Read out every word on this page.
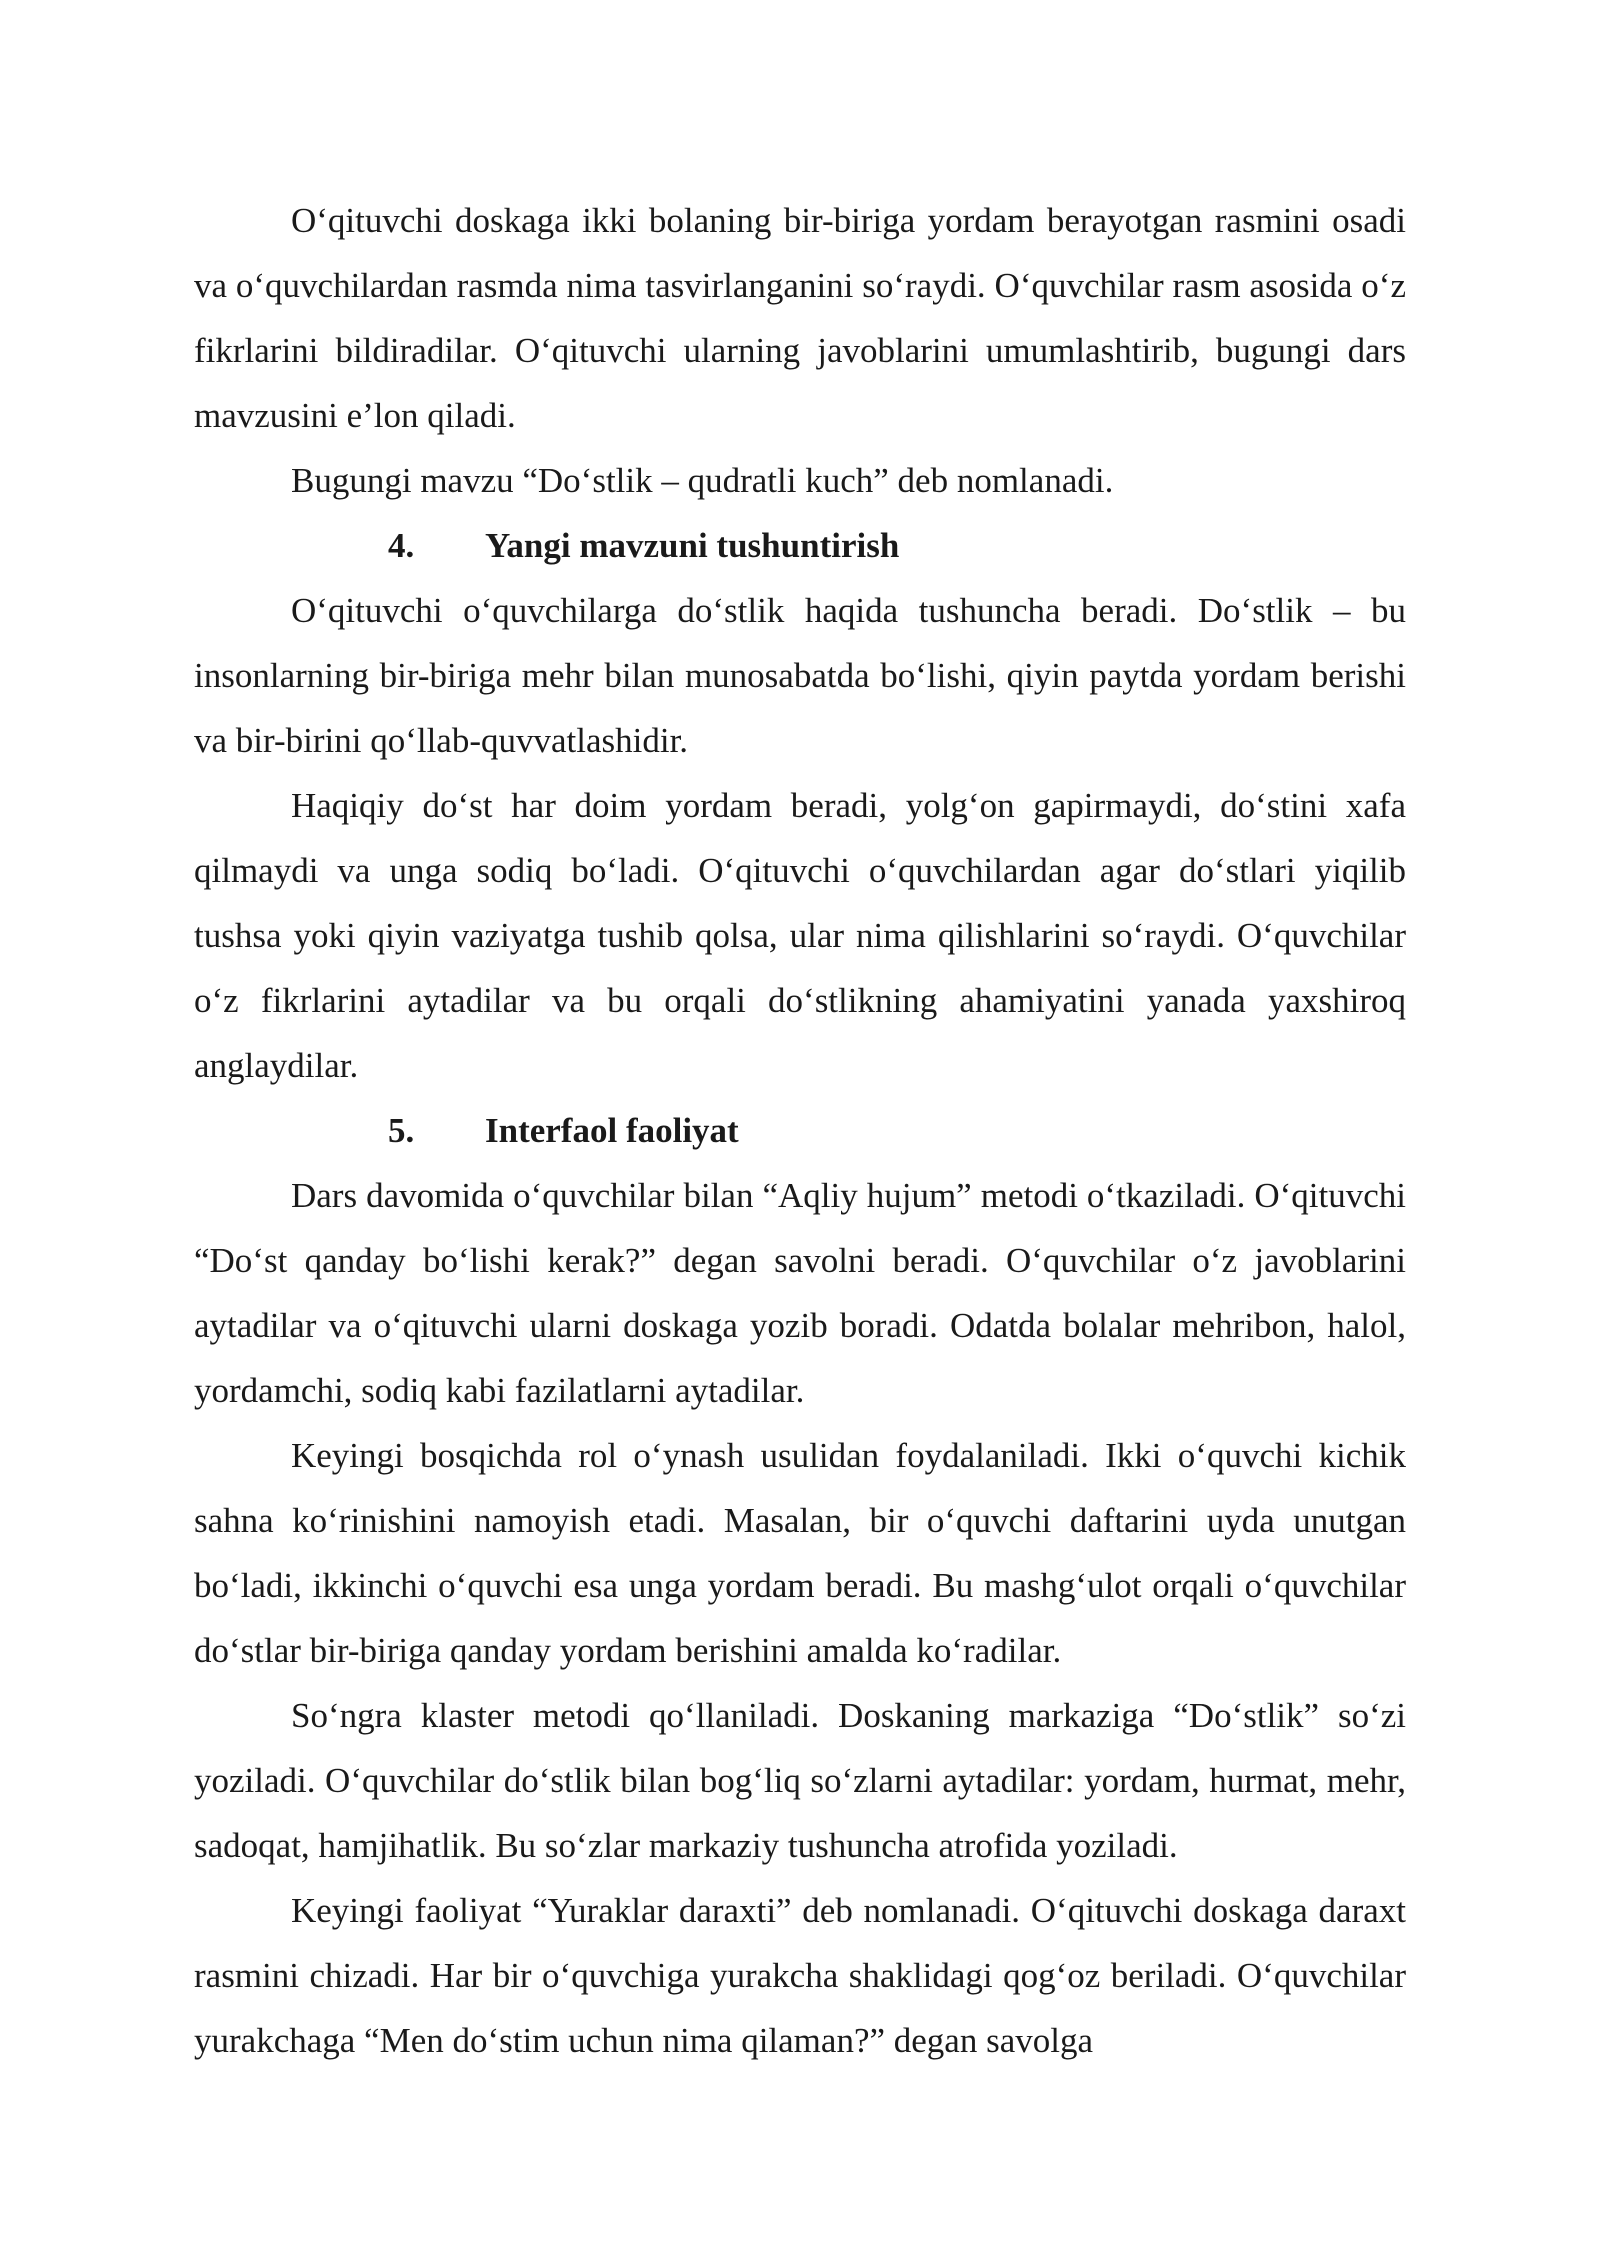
O‘qituvchi doskaga ikki bolaning bir-biriga yordam berayotgan rasmini osadi va o‘quvchilardan rasmda nima tasvirlanganini so‘raydi. O‘quvchilar rasm asosida o‘z fikrlarini bildiradilar. O‘qituvchi ularning javoblarini umumlashtirib, bugungi dars mavzusini e’lon qiladi.

Bugungi mavzu “Do‘stlik – qudratli kuch” deb nomlanadi.

4.	Yangi mavzuni tushuntirish

O‘qituvchi o‘quvchilarga do‘stlik haqida tushuncha beradi. Do‘stlik – bu insonlarning bir-biriga mehr bilan munosabatda bo‘lishi, qiyin paytda yordam berishi va bir-birini qo‘llab-quvvatlashidir.

Haqiqiy do‘st har doim yordam beradi, yolg‘on gapirmaydi, do‘stini xafa qilmaydi va unga sodiq bo‘ladi. O‘qituvchi o‘quvchilardan agar do‘stlari yiqilib tushsa yoki qiyin vaziyatga tushib qolsa, ular nima qilishlarini so‘raydi. O‘quvchilar o‘z fikrlarini aytadilar va bu orqali do‘stlikning ahamiyatini yanada yaxshiroq anglaydilar.

5.	Interfaol faoliyat

Dars davomida o‘quvchilar bilan “Aqliy hujum” metodi o‘tkaziladi. O‘qituvchi “Do‘st qanday bo‘lishi kerak?” degan savolni beradi. O‘quvchilar o‘z javoblarini aytadilar va o‘qituvchi ularni doskaga yozib boradi. Odatda bolalar mehribon, halol, yordamchi, sodiq kabi fazilatlarni aytadilar.

Keyingi bosqichda rol o‘ynash usulidan foydalaniladi. Ikki o‘quvchi kichik sahna ko‘rinishini namoyish etadi. Masalan, bir o‘quvchi daftarini uyda unutgan bo‘ladi, ikkinchi o‘quvchi esa unga yordam beradi. Bu mashg‘ulot orqali o‘quvchilar do‘stlar bir-biriga qanday yordam berishini amalda ko‘radilar.

So‘ngra klaster metodi qo‘llaniladi. Doskaning markaziga “Do‘stlik” so‘zi yoziladi. O‘quvchilar do‘stlik bilan bog‘liq so‘zlarni aytadilar: yordam, hurmat, mehr, sadoqat, hamjihatlik. Bu so‘zlar markaziy tushuncha atrofida yoziladi.

Keyingi faoliyat “Yuraklar daraxti” deb nomlanadi. O‘qituvchi doskaga daraxt rasmini chizadi. Har bir o‘quvchiga yurakcha shaklidagi qog‘oz beriladi. O‘quvchilar yurakchaga “Men do‘stim uchun nima qilaman?” degan savolga
